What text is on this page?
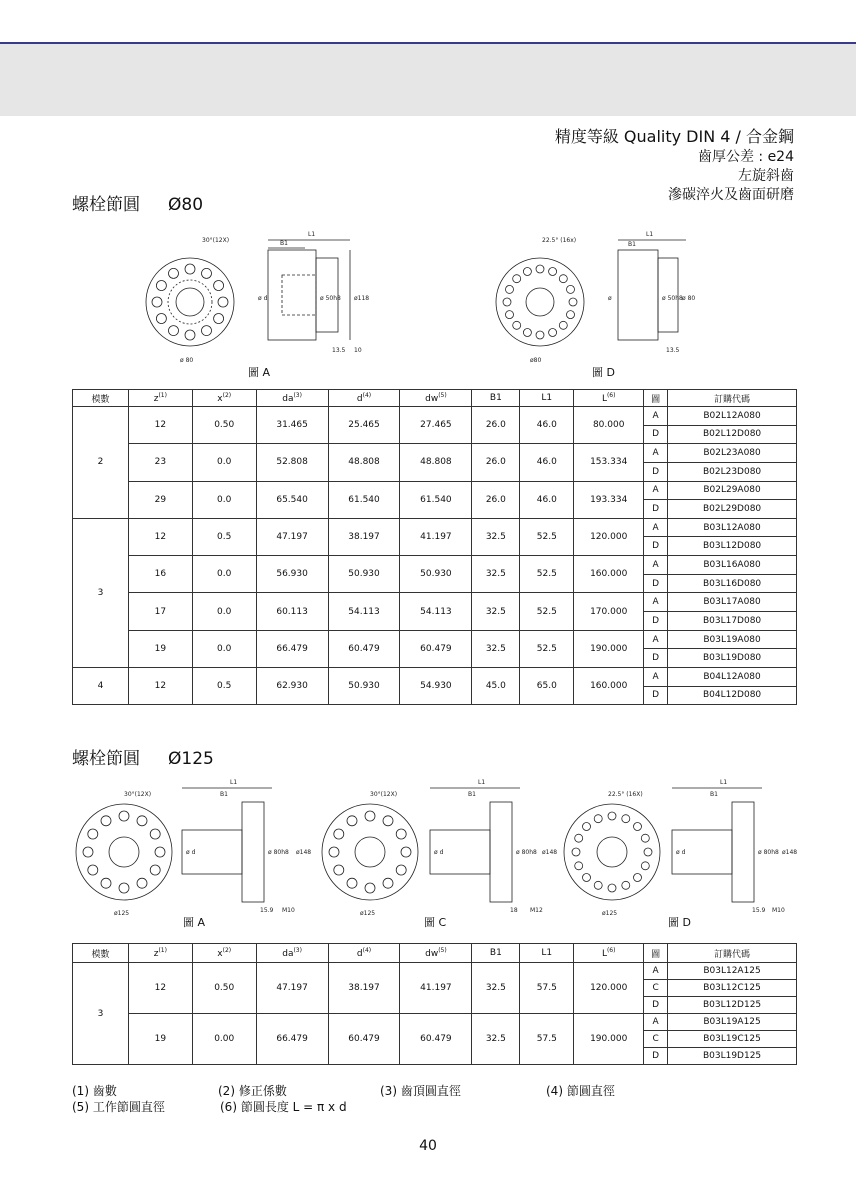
精度等級 Quality DIN 4 / 合金鋼
齒厚公差 : e24
左旋斜齒
滲碳淬火及齒面研磨
螺栓節圓 Ø80
30°(12X)
ø 80
L1
B1
ø118
ø 50h8
ø d
13.5 10
圖 A
22.5° (16x)
ø80
L1
B1
ø 50h8
ø	ø 80
13.5
圖 D
模數	$z^{(1)}$	$x^{(2)}$	$da^{(3)}$	$d^{(4)}$	$dw^{(5)}$	B1	L1	$L^{(6)}$	圖	訂購代碼
2	12	0.50	31.465	25.465	27.465	26.0	46.0	80.000	A	B02L12A080
									D	B02L12D080
	23	0.0	52.808	48.808	48.808	26.0	46.0	153.334	A	B02L23A080
									D	B02L23D080
	29	0.0	65.540	61.540	61.540	26.0	46.0	193.334	A	B02L29A080
									D	B02L29D080
3	12	0.5	47.197	38.197	41.197	32.5	52.5	120.000	A	B03L12A080
									D	B03L12D080
	16	0.0	56.930	50.930	50.930	32.5	52.5	160.000	A	B03L16A080
									D	B03L16D080
	17	0.0	60.113	54.113	54.113	32.5	52.5	170.000	A	B03L17A080
									D	B03L17D080
	19	0.0	66.479	60.479	60.479	32.5	52.5	190.000	A	B03L19A080
									D	B03L19D080
4	12	0.5	62.930	50.930	54.930	45.0	65.0	160.000	A	B04L12A080
									D	B04L12D080
螺栓節圓 Ø125
30°(12X)
ø125
L1
B1
ø148
ø 80h8
ø d
15.9 M10
圖 A
30°(12X)
ø125
L1
B1
ø148
ø 80h8
ø d
18 M12
圖 C
22.5° (16X)
ø125
L1
B1
ø148
ø 80h8
ø d
15.9 M10
圖 D
模數	$z^{(1)}$	$x^{(2)}$	$da^{(3)}$	$d^{(4)}$	$dw^{(5)}$	B1	L1	$L^{(6)}$	圖	訂購代碼
3	12	0.50	47.197	38.197	41.197	32.5	57.5	120.000	A	B03L12A125
									C	B03L12C125
									D	B03L12D125
	19	0.00	66.479	60.479	60.479	32.5	57.5	190.000	A	B03L19A125
									C	B03L19C125
									D	B03L19D125
(1) 齒數	(2) 修正係數	(3) 齒頂圓直徑	(4) 節圓直徑
(5) 工作節圓直徑	(6) 節圓長度 L = π x d
40
